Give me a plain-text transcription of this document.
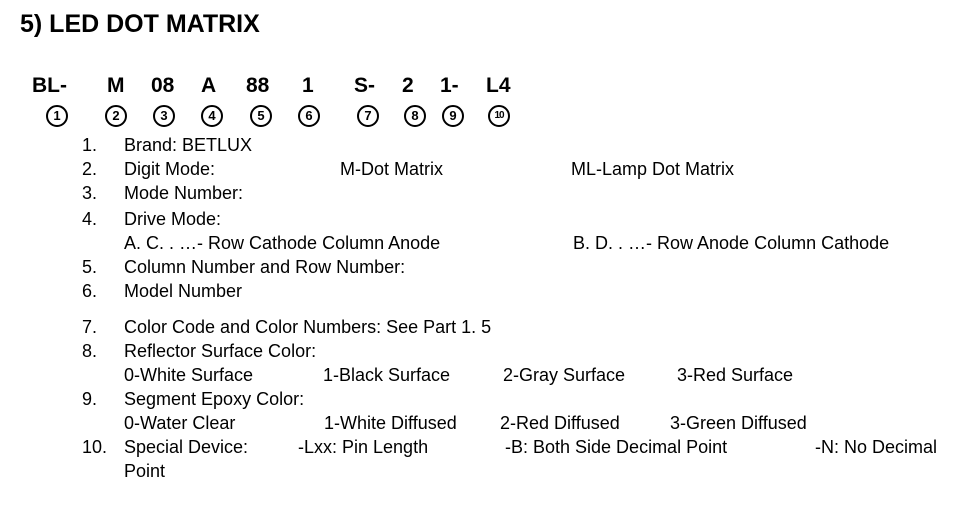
5) LED DOT MATRIX
BL- M 08 A 88 1 S- 2 1- L4
1	2	3	4	5	6	7	8	9	10
1. Brand: BETLUX
2. Digit Mode:	M-Dot Matrix	ML-Lamp Dot Matrix
3. Mode Number:
4. Drive Mode:
A. C. . …- Row Cathode Column Anode	B. D. . …- Row Anode Column Cathode
5. Column Number and Row Number:
6. Model Number
7. Color Code and Color Numbers: See Part 1. 5
8. Reflector Surface Color:
0-White Surface	1-Black Surface	2-Gray Surface	3-Red Surface
9. Segment Epoxy Color:
0-Water Clear	1-White Diffused 2-Red Diffused	3-Green Diffused
10. Special Device:	-Lxx: Pin Length	-B: Both Side Decimal Point	-N: No Decimal
Point
